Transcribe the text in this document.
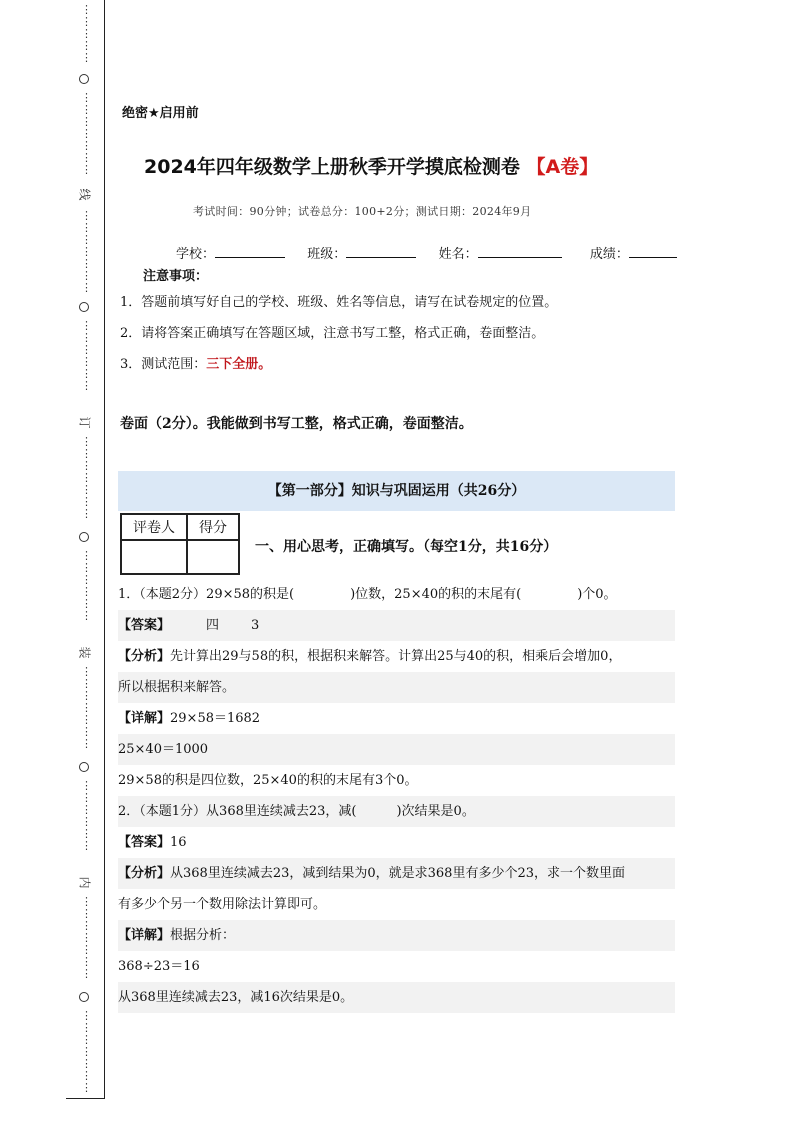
⋮
⋮
⋮
⋮
⋮
⋮
⋮
⋮
⋮
⋮
⋮
⋮
线
⋮
⋮
⋮
⋮
⋮
⋮
⋮
⋮
⋮
⋮
⋮
⋮
⋮
订
⋮
⋮
⋮
⋮
⋮
⋮
⋮
⋮
⋮
⋮
⋮
⋮
⋮
装
⋮
⋮
⋮
⋮
⋮
⋮
⋮
⋮
⋮
⋮
⋮
⋮
⋮
内
⋮
⋮
⋮
⋮
⋮
⋮
⋮
⋮
⋮
⋮
⋮
⋮
⋮
⋮
绝密★启用前
2024年四年级数学上册秋季开学摸底检测卷 【A卷】
考试时间：90分钟；试卷总分：100+2分；测试日期：2024年9月
学校：	班级：	姓名：	成绩：
注意事项：
1．答题前填写好自己的学校、班级、姓名等信息，请写在试卷规定的位置。
2．请将答案正确填写在答题区域，注意书写工整，格式正确，卷面整洁。
3．测试范围：三下全册。
卷面（2分）。我能做到书写工整，格式正确，卷面整洁。
【第一部分】知识与巩固运用（共26分）
评卷人	得分

一、用心思考，正确填写。（每空1分，共16分）
1．（本题2分）29×58的积是(	)位数，25×40的积的末尾有(	)个0。
【答案】	四 3
【分析】先计算出29与58的积，根据积来解答。计算出25与40的积，相乘后会增加0，
所以根据积来解答。
【详解】29×58＝1682
25×40＝1000
29×58的积是四位数，25×40的积的末尾有3个0。
2．（本题1分）从368里连续减去23，减(	)次结果是0。
【答案】16
【分析】从368里连续减去23，减到结果为0，就是求368里有多少个23，求一个数里面
有多少个另一个数用除法计算即可。
【详解】根据分析：
368÷23＝16
从368里连续减去23，减16次结果是0。
